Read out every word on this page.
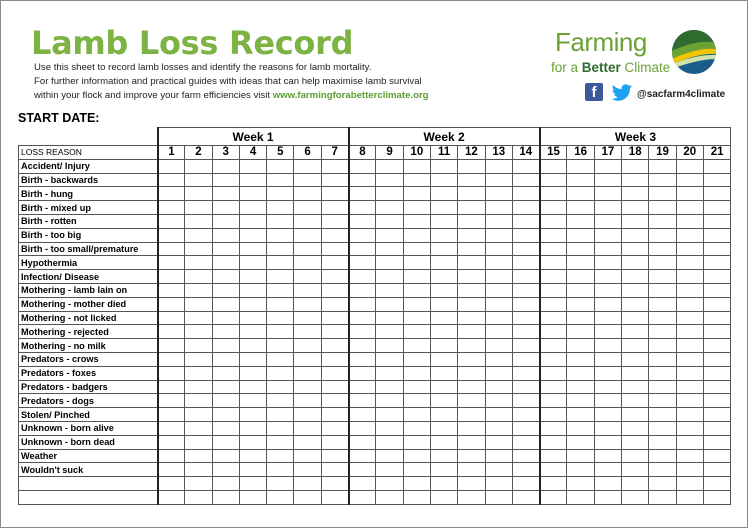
Lamb Loss Record
Use this sheet to record lamb losses and identify the reasons for lamb mortality.
For further information and practical guides with ideas that can help maximise lamb survival
within your flock and improve your farm efficiencies visit www.farmingforabetterclimate.org
Farming
for a Better Climate
f	@sacfarm4climate
START DATE:
	Week 1							Week 2							Week 3						
LOSS REASON	1	2	3	4	5	6	7	8	9	10	11	12	13	14	15	16	17	18	19	20	21
Accident/ Injury																					
Birth - backwards																					
Birth - hung																					
Birth - mixed up																					
Birth - rotten																					
Birth - too big																					
Birth - too small/premature																					
Hypothermia																					
Infection/ Disease																					
Mothering - lamb lain on																					
Mothering - mother died																					
Mothering - not licked																					
Mothering - rejected																					
Mothering - no milk																					
Predators - crows																					
Predators - foxes																					
Predators - badgers																					
Predators - dogs																					
Stolen/ Pinched																					
Unknown - born alive																					
Unknown - born dead																					
Weather																					
Wouldn't suck																					
